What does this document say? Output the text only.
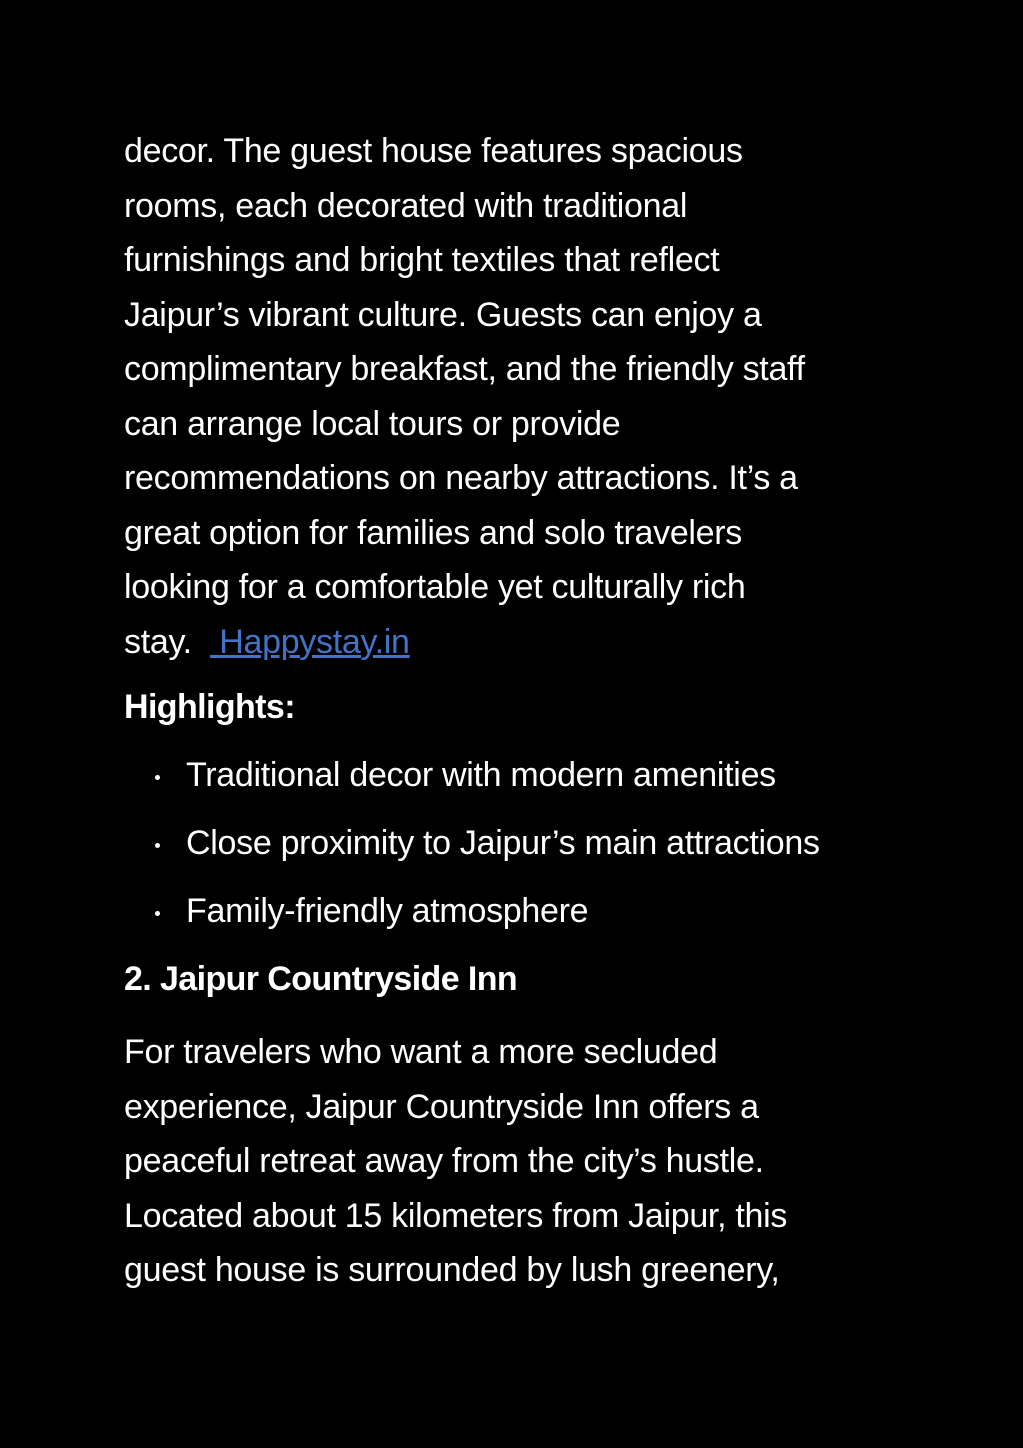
decor. The guest house features spacious
rooms, each decorated with traditional
furnishings and bright textiles that reflect
Jaipur’s vibrant culture. Guests can enjoy a
complimentary breakfast, and the friendly staff
can arrange local tours or provide
recommendations on nearby attractions. It’s a
great option for families and solo travelers
looking for a comfortable yet culturally rich
stay.   Happystay.in

Highlights:
Traditional decor with modern amenities
Close proximity to Jaipur’s main attractions
Family-friendly atmosphere
2. Jaipur Countryside Inn

For travelers who want a more secluded
experience, Jaipur Countryside Inn offers a
peaceful retreat away from the city’s hustle.
Located about 15 kilometers from Jaipur, this
guest house is surrounded by lush greenery,
